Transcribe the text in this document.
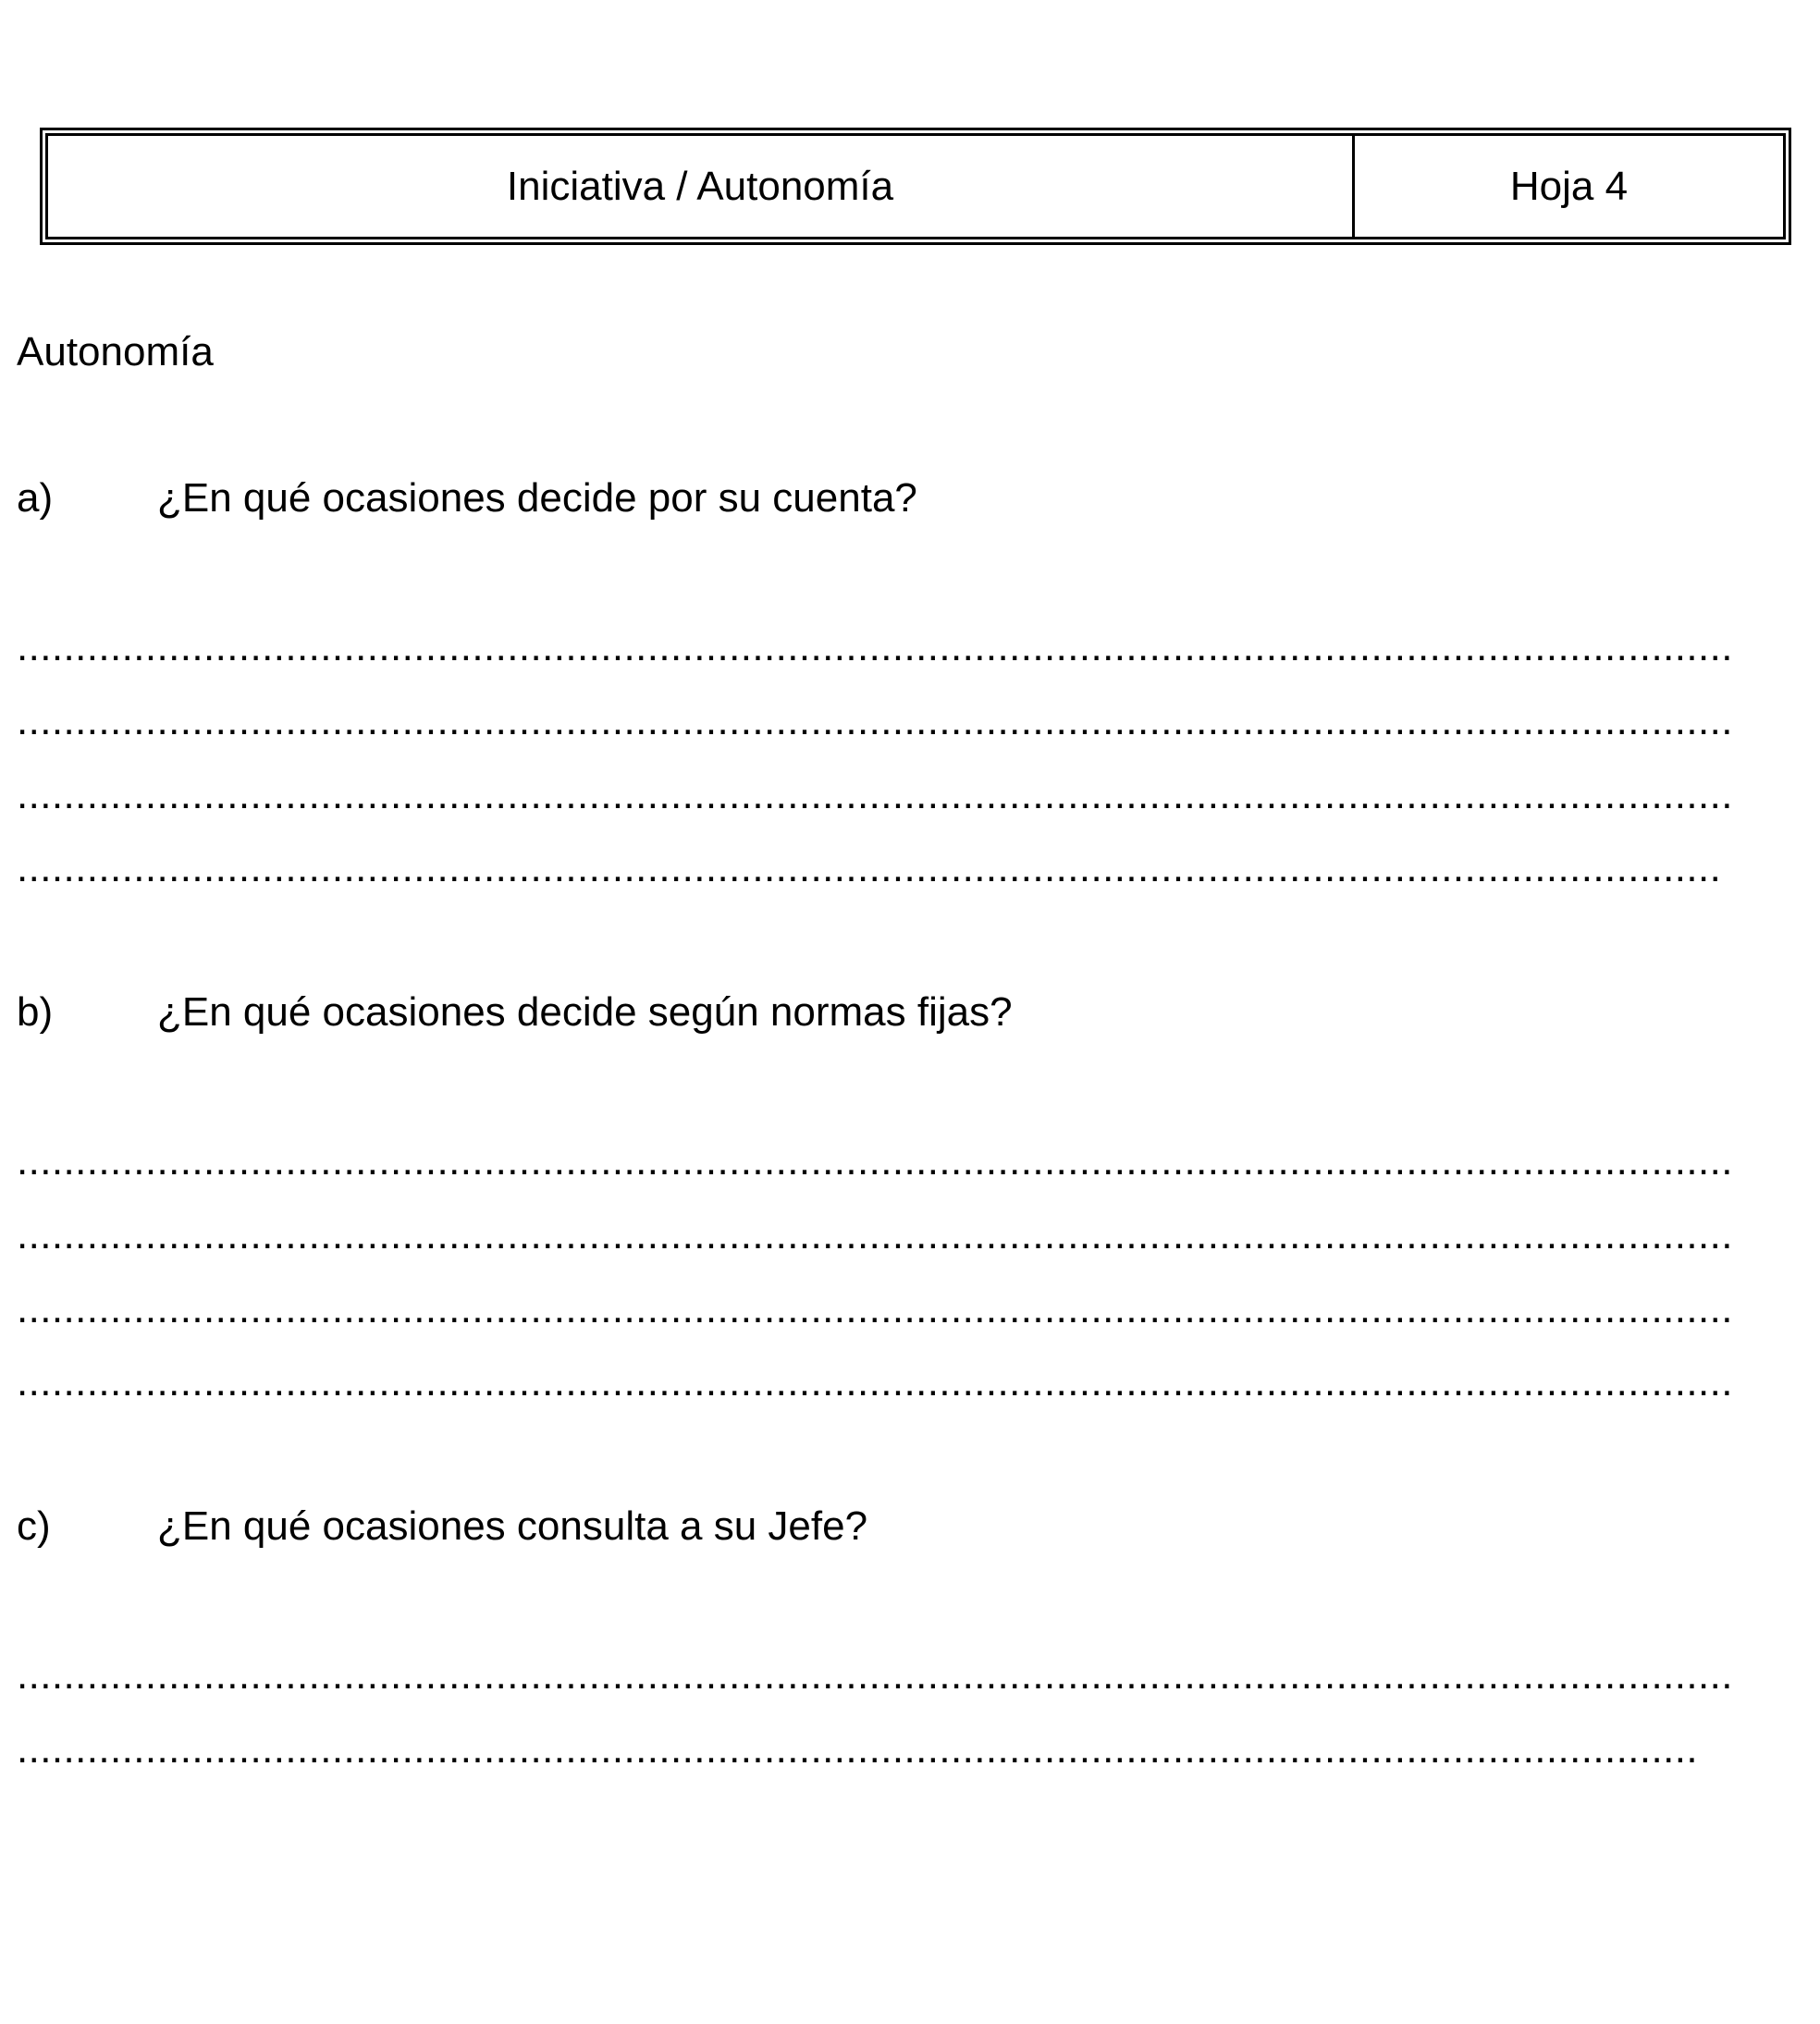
Iniciativa / Autonomía	Hoja 4
Autonomía
a)	¿En qué ocasiones decide por su cuenta?
...................................................................................................................................................
...................................................................................................................................................
...................................................................................................................................................
..................................................................................................................................................
b)	¿En qué ocasiones decide según normas fijas?
...................................................................................................................................................
...................................................................................................................................................
...................................................................................................................................................
...................................................................................................................................................
c)	¿En qué ocasiones consulta a su Jefe?
...................................................................................................................................................
................................................................................................................................................
